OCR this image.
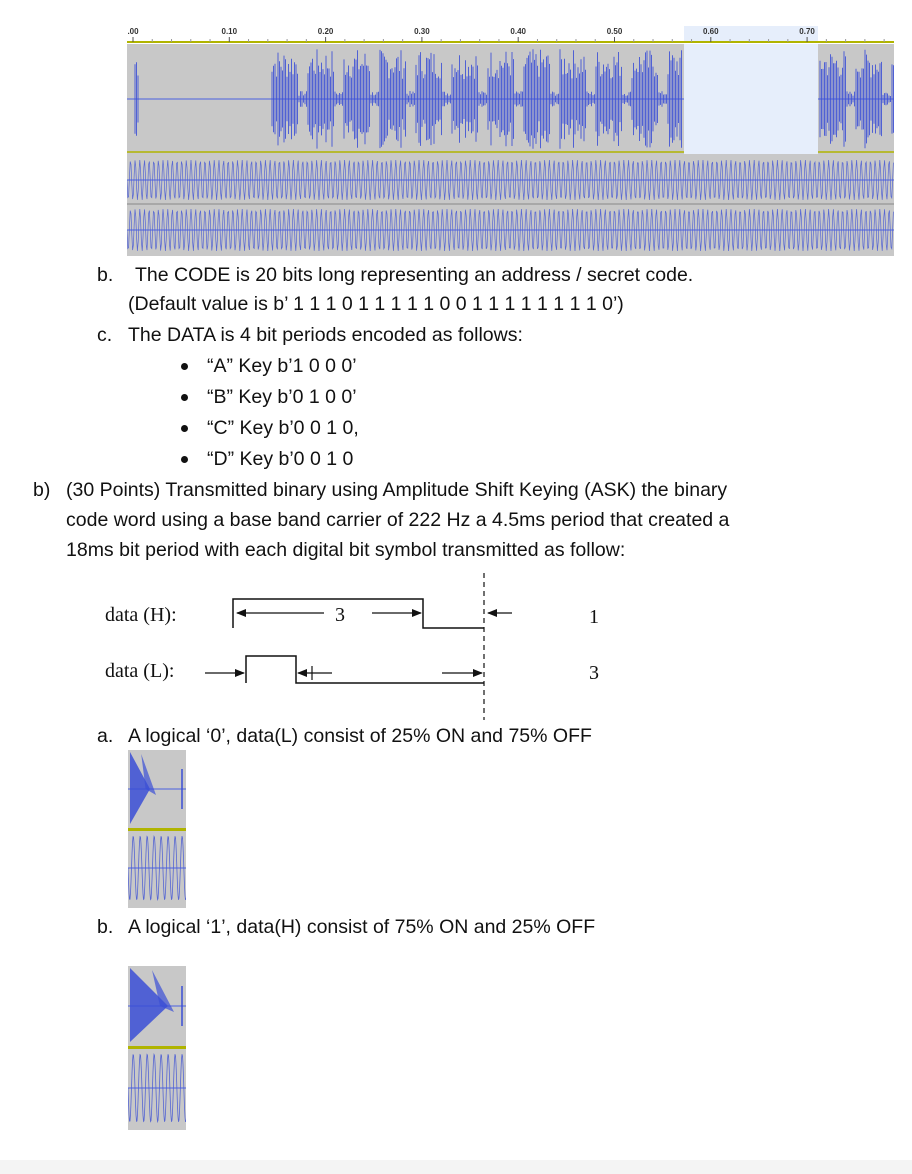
.00	0.10	0.20	0.30	0.40	0.50	0.60	0.70
b. The CODE is 20 bits long representing an address / secret code.
(Default value is b’ 1 1 1 0 1 1 1 1 1 0 0 1 1 1 1 1 1 1 1 0’)
c. The DATA is 4 bit periods encoded as follows:
“A” Key b’1 0 0 0’
“B” Key b’0 1 0 0’
“C” Key b’0 0 1 0,
“D” Key b’0 0 1 0
b) (30 Points) Transmitted binary using Amplitude Shift Keying (ASK) the binary
code word using a base band carrier of 222 Hz a 4.5ms period that created a
18ms bit period with each digital bit symbol transmitted as follow:
data (H):
data (L):
3	1
3
a. A logical ‘0’, data(L) consist of 25% ON and 75% OFF
b. A logical ‘1’, data(H) consist of 75% ON and 25% OFF
